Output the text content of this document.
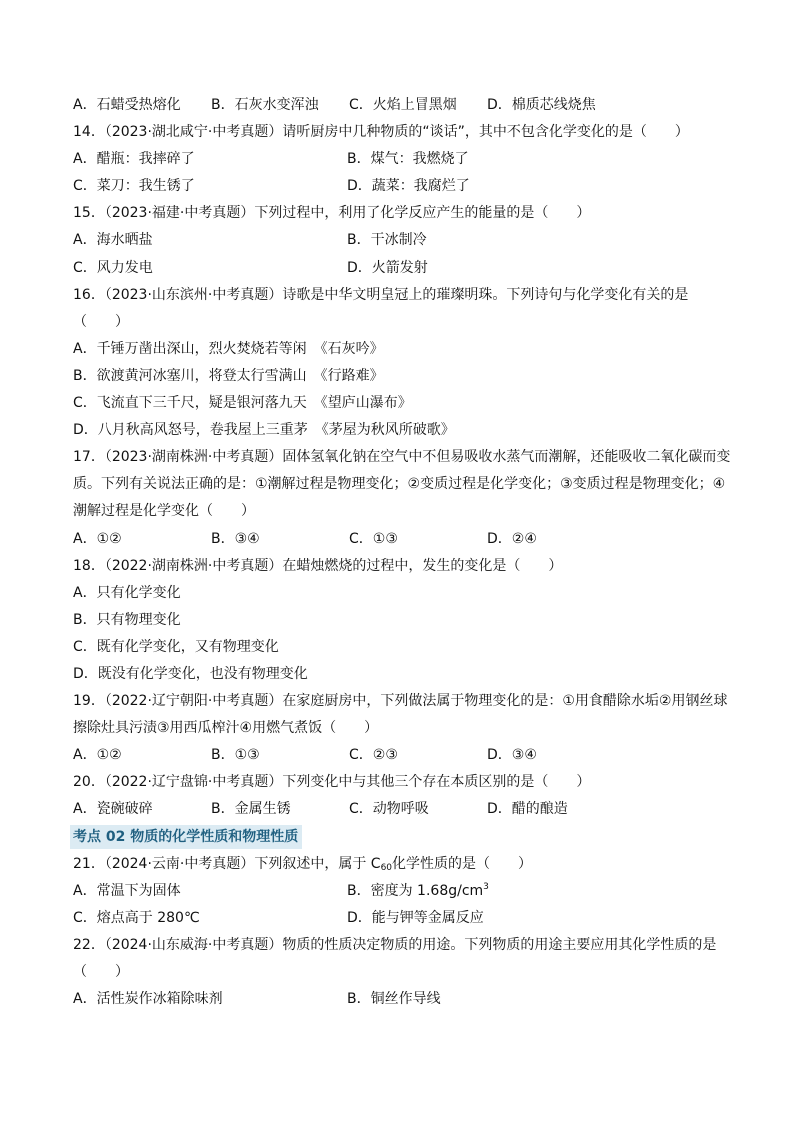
A．石蜡受热熔化	B．石灰水变浑浊	C．火焰上冒黑烟	D．棉质芯线烧焦
14．（2023·湖北咸宁·中考真题）请听厨房中几种物质的“谈话”，其中不包含化学变化的是（　　）
A．醋瓶：我摔碎了	B．煤气：我燃烧了
C．菜刀：我生锈了	D．蔬菜：我腐烂了
15．（2023·福建·中考真题）下列过程中，利用了化学反应产生的能量的是（　　）
A．海水晒盐	B．干冰制冷
C．风力发电	D．火箭发射
16．（2023·山东滨州·中考真题）诗歌是中华文明皇冠上的璀璨明珠。下列诗句与化学变化有关的是
（　　）
A．千锤万凿出深山，烈火焚烧若等闲　《石灰吟》
B．欲渡黄河冰塞川，将登太行雪满山　《行路难》
C．飞流直下三千尺，疑是银河落九天　《望庐山瀑布》
D．八月秋高风怒号，卷我屋上三重茅　《茅屋为秋风所破歌》
17．（2023·湖南株洲·中考真题）固体氢氧化钠在空气中不但易吸收水蒸气而潮解，还能吸收二氧化碳而变
质。下列有关说法正确的是：①潮解过程是物理变化；②变质过程是化学变化；③变质过程是物理变化；④
潮解过程是化学变化（　　）
A．①②	B．③④	C．①③	D．②④
18．（2022·湖南株洲·中考真题）在蜡烛燃烧的过程中，发生的变化是（　　）
A．只有化学变化
B．只有物理变化
C．既有化学变化，又有物理变化
D．既没有化学变化，也没有物理变化
19．（2022·辽宁朝阳·中考真题）在家庭厨房中，下列做法属于物理变化的是：①用食醋除水垢②用钢丝球
擦除灶具污渍③用西瓜榨汁④用燃气煮饭（　　）
A．①②	B．①③	C．②③	D．③④
20．（2022·辽宁盘锦·中考真题）下列变化中与其他三个存在本质区别的是（　　）
A．瓷碗破碎	B．金属生锈	C．动物呼吸	D．醋的酿造
考点 02 物质的化学性质和物理性质
21．（2024·云南·中考真题）下列叙述中，属于 $C_{60}$化学性质的是（　　）
A．常温下为固体	B．密度为 $1.68g/cm^3$
C．熔点高于 280℃	D．能与钾等金属反应
22．（2024·山东威海·中考真题）物质的性质决定物质的用途。下列物质的用途主要应用其化学性质的是
（　　）
A．活性炭作冰箱除味剂	B．铜丝作导线
